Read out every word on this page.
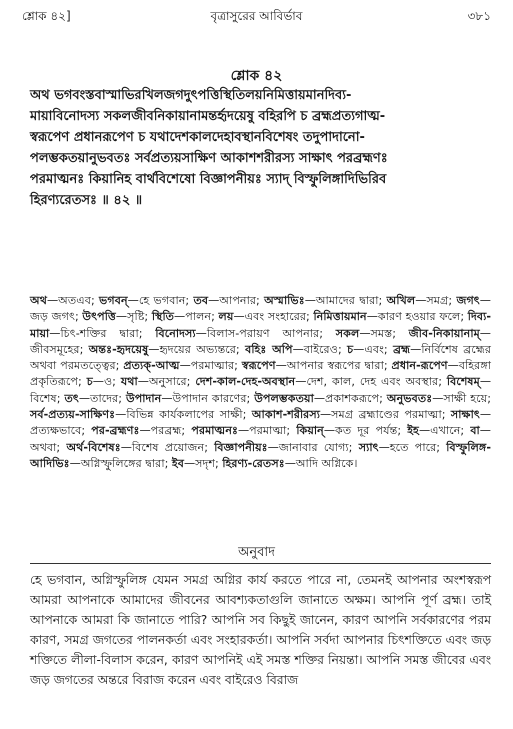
শ্লোক ৪২]	বৃত্রাসুরের আবির্ভাব	৩৮১
শ্লোক ৪২

অথ ভগবংস্তবাস্মাভিরখিলজগদুৎপত্তিস্থিতিলয়নিমিত্তায়মানদিব্য-

মায়াবিনোদস্য সকলজীবনিকায়ানামন্তর্হৃদয়েষু বহিরপি চ ব্রহ্মপ্রত্যগাত্ম-

স্বরূপেণ প্রধানরূপেণ চ যথাদেশকালদেহাবস্থানবিশেষং তদুপাদানো-

পলম্ভকতয়ানুভবতঃ সর্বপ্রত্যয়সাক্ষিণ আকাশশরীরস্য সাক্ষাৎ পরব্রহ্মণঃ

পরমাত্মনঃ কিয়ানিহ বার্থবিশেষো বিজ্ঞাপনীয়ঃ স্যাদ্ বিস্ফুলিঙ্গাদিভিরিব

হিরণ্যরেতসঃ ॥ ৪২ ॥

অথ—অতএব; ভগবন্—হে ভগবান; তব—আপনার; অস্মাভিঃ—আমাদের দ্বারা; অখিল—সমগ্র; জগৎ—জড় জগৎ; উৎপত্তি—সৃষ্টি; স্থিতি—পালন; লয়—এবং সংহারের; নিমিত্তায়মান—কারণ হওয়ার ফলে; দিব্য-মায়া—চিৎ-শক্তির দ্বারা; বিনোদস্য—বিলাস-পরায়ণ আপনার; সকল—সমস্ত; জীব-নিকায়ানাম্—জীবসমূহের; অন্তঃ-হৃদয়েষু—হৃদয়ের অভ্যন্তরে; বহিঃ অপি—বাইরেও; চ—এবং; ব্রহ্ম—নির্বিশেষ ব্রহ্মের অথবা পরমতত্ত্বের; প্রত্যক্-আত্ম—পরমাত্মার; স্বরূপেণ—আপনার স্বরূপের দ্বারা; প্রধান-রূপেণ—বহিরঙ্গা প্রকৃতিরূপে; চ—ও; যথা—অনুসারে; দেশ-কাল-দেহ-অবস্থান—দেশ, কাল, দেহ এবং অবস্থার; বিশেষম্—বিশেষ; তৎ—তাদের; উপাদান—উপাদান কারণের; উপলম্ভকতয়া—প্রকাশকরূপে; অনুভবতঃ—সাক্ষী হয়ে; সর্ব-প্রত্যয়-সাক্ষিণঃ—বিভিন্ন কার্যকলাপের সাক্ষী; আকাশ-শরীরস্য—সমগ্র ব্রহ্মাণ্ডের পরমাত্মা; সাক্ষাৎ—প্রত্যক্ষভাবে; পর-ব্রহ্মণঃ—পরব্রহ্ম; পরমাত্মনঃ—পরমাত্মা; কিয়ান্—কত দূর পর্যন্ত; ইহ—এখানে; বা—অথবা; অর্থ-বিশেষঃ—বিশেষ প্রয়োজন; বিজ্ঞাপনীয়ঃ—জানাবার যোগ্য; স্যাৎ—হতে পারে; বিস্ফুলিঙ্গ-আদিভিঃ—অগ্নিস্ফুলিঙ্গের দ্বারা; ইব—সদৃশ; হিরণ্য-রেতসঃ—আদি অগ্নিকে।
অনুবাদ
হে ভগবান, অগ্নিস্ফুলিঙ্গ যেমন সমগ্র অগ্নির কার্য করতে পারে না, তেমনই আপনার অংশস্বরূপ আমরা আপনাকে আমাদের জীবনের আবশ্যকতাগুলি জানাতে অক্ষম। আপনি পূর্ণ ব্রহ্ম। তাই আপনাকে আমরা কি জানাতে পারি? আপনি সব কিছুই জানেন, কারণ আপনি সর্বকারণের পরম কারণ, সমগ্র জগতের পালনকর্তা এবং সংহারকর্তা। আপনি সর্বদা আপনার চিৎশক্তিতে এবং জড় শক্তিতে লীলা-বিলাস করেন, কারণ আপনিই এই সমস্ত শক্তির নিয়ন্তা। আপনি সমস্ত জীবের এবং জড় জগতের অন্তরে বিরাজ করেন এবং বাইরেও বিরাজ
